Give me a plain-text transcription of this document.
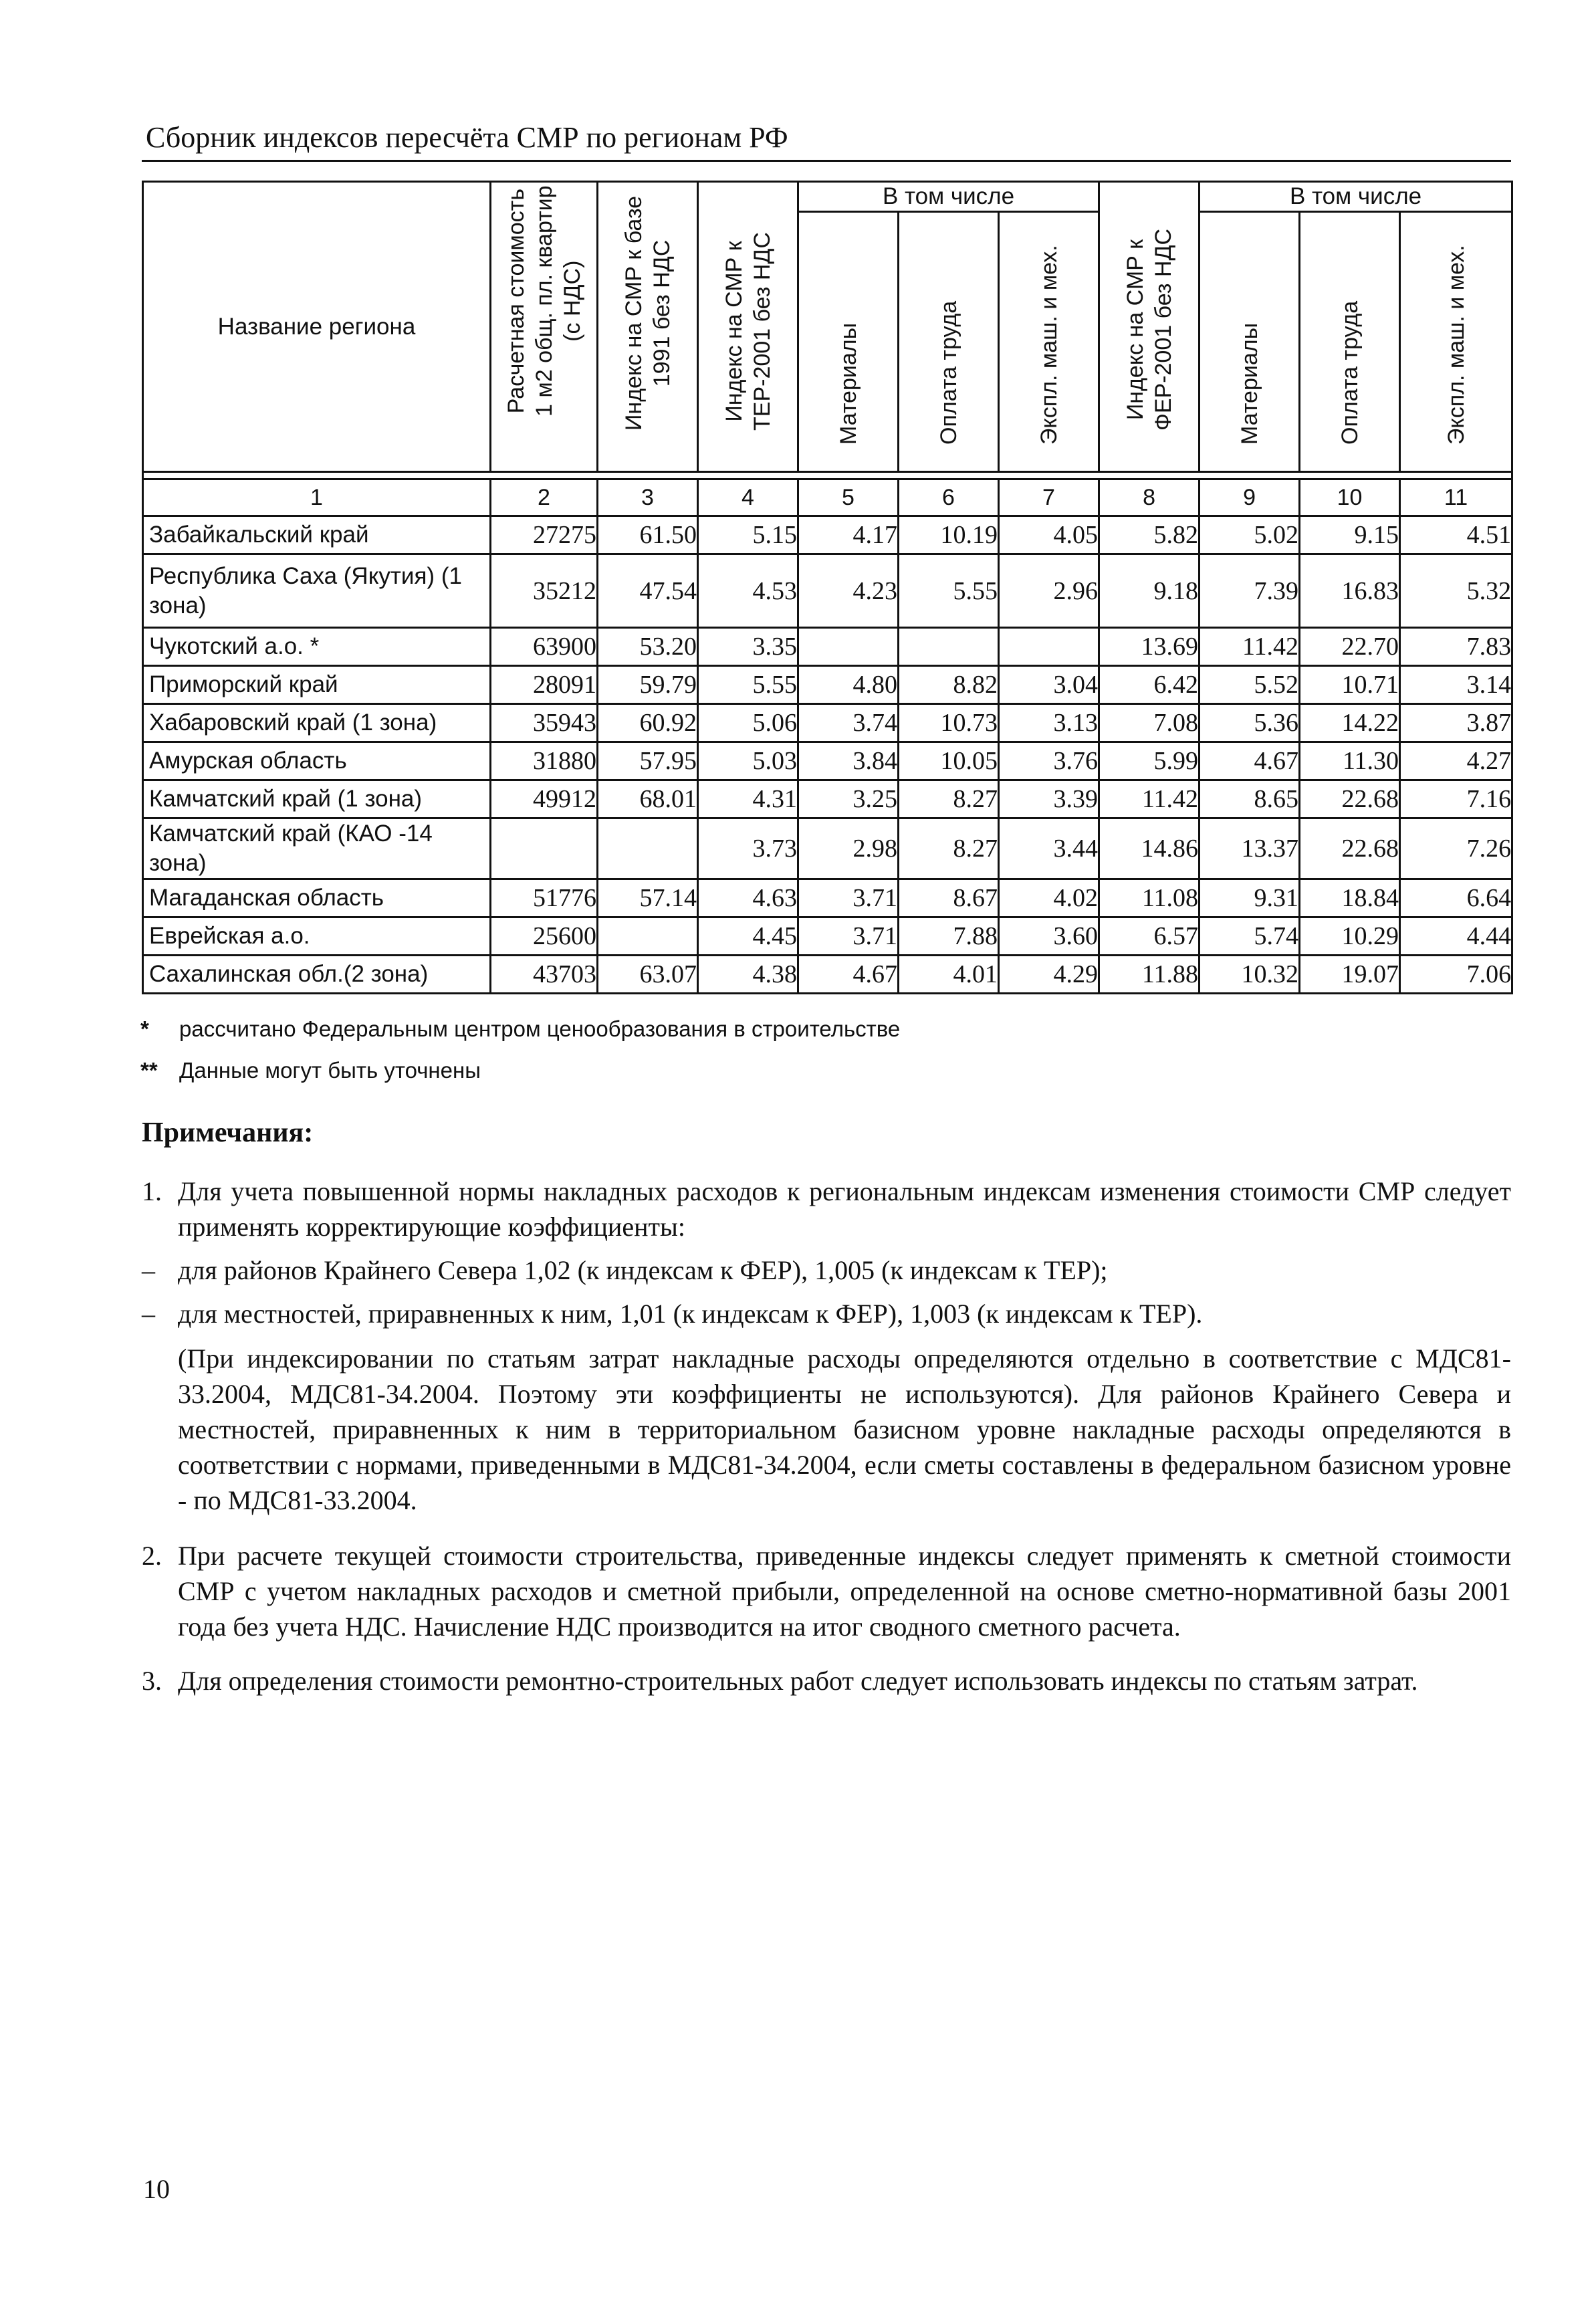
Сборник индексов пересчёта СМР по регионам РФ
Название региона	Расчетная стоимость
1 м2 общ. пл. квартир
(с НДС)	Индекс на СМР к базе
1991 без НДС	Индекс на СМР к
ТЕР-2001 без НДС	В том числе			Индекс на СМР к
ФЕР-2001 без НДС	В том числе		

				Материалы	Оплата труда	Экспл. маш. и мех.		Материалы	Оплата труда	Экспл. маш. и мех.

1	2	3	4	5	6	7	8	9	10	11
Забайкальский край	27275	61.50	5.15	4.17	10.19	4.05	5.82	5.02	9.15	4.51
Республика Саха (Якутия) (1 зона)	35212	47.54	4.53	4.23	5.55	2.96	9.18	7.39	16.83	5.32
Чукотский а.о. *	63900	53.20	3.35				13.69	11.42	22.70	7.83
Приморский край	28091	59.79	5.55	4.80	8.82	3.04	6.42	5.52	10.71	3.14
Хабаровский край (1 зона)	35943	60.92	5.06	3.74	10.73	3.13	7.08	5.36	14.22	3.87
Амурская область	31880	57.95	5.03	3.84	10.05	3.76	5.99	4.67	11.30	4.27
Камчатский край (1 зона)	49912	68.01	4.31	3.25	8.27	3.39	11.42	8.65	22.68	7.16
Камчатский край (КАО -14 зона)			3.73	2.98	8.27	3.44	14.86	13.37	22.68	7.26
Магаданская область	51776	57.14	4.63	3.71	8.67	4.02	11.08	9.31	18.84	6.64
Еврейская а.о.	25600		4.45	3.71	7.88	3.60	6.57	5.74	10.29	4.44
Сахалинская обл.(2 зона)	43703	63.07	4.38	4.67	4.01	4.29	11.88	10.32	19.07	7.06
* рассчитано Федеральным центром ценообразования в строительстве
** Данные могут быть уточнены
Примечания:
1. Для учета повышенной нормы накладных расходов к региональным индексам изменения стоимости СМР следует применять корректирующие коэффициенты:
– для районов Крайнего Севера 1,02 (к индексам к ФЕР), 1,005 (к индексам к ТЕР);
– для местностей, приравненных к ним, 1,01 (к индексам к ФЕР), 1,003 (к индексам к ТЕР).
(При индексировании по статьям затрат накладные расходы определяются отдельно в соответствие с МДС81-33.2004, МДС81-34.2004. Поэтому эти коэффициенты не используются). Для районов Крайнего Севера и местностей, приравненных к ним в территориальном базисном уровне накладные расходы определяются в соответствии с нормами, приведенными в МДС81-34.2004, если сметы составлены в федеральном базисном уровне - по МДС81-33.2004.
2. При расчете текущей стоимости строительства, приведенные индексы следует применять к сметной стоимости СМР с учетом накладных расходов и сметной прибыли, определенной на основе сметно-нормативной базы 2001 года без учета НДС. Начисление НДС производится на итог сводного сметного расчета.
3. Для определения стоимости ремонтно-строительных работ следует использовать индексы по статьям затрат.
10
